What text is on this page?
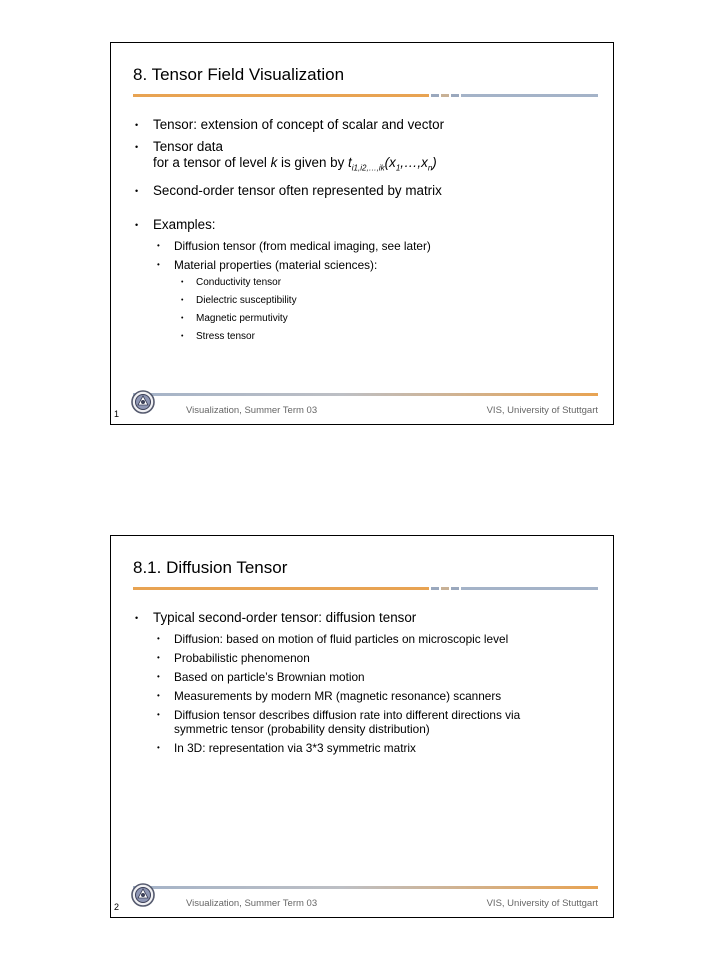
8. Tensor Field Visualization
• Tensor: extension of concept of scalar and vector
• Tensor data
for a tensor of level k is given by $t_{i1,i2,\dots,ik}(x_1,\dots,x_n)$
• Second-order tensor often represented by matrix
• Examples:
• Diffusion tensor (from medical imaging, see later)
• Material properties (material sciences):
• Conductivity tensor
• Dielectric susceptibility
• Magnetic permutivity
• Stress tensor
Visualization, Summer Term 03	VIS, University of Stuttgart
1
8.1. Diffusion Tensor
• Typical second-order tensor: diffusion tensor
• Diffusion: based on motion of fluid particles on microscopic level
• Probabilistic phenomenon
• Based on particle’s Brownian motion
• Measurements by modern MR (magnetic resonance) scanners
• Diffusion tensor describes diffusion rate into different directions via symmetric tensor (probability density distribution)
• In 3D: representation via 3*3 symmetric matrix
Visualization, Summer Term 03	VIS, University of Stuttgart
2
